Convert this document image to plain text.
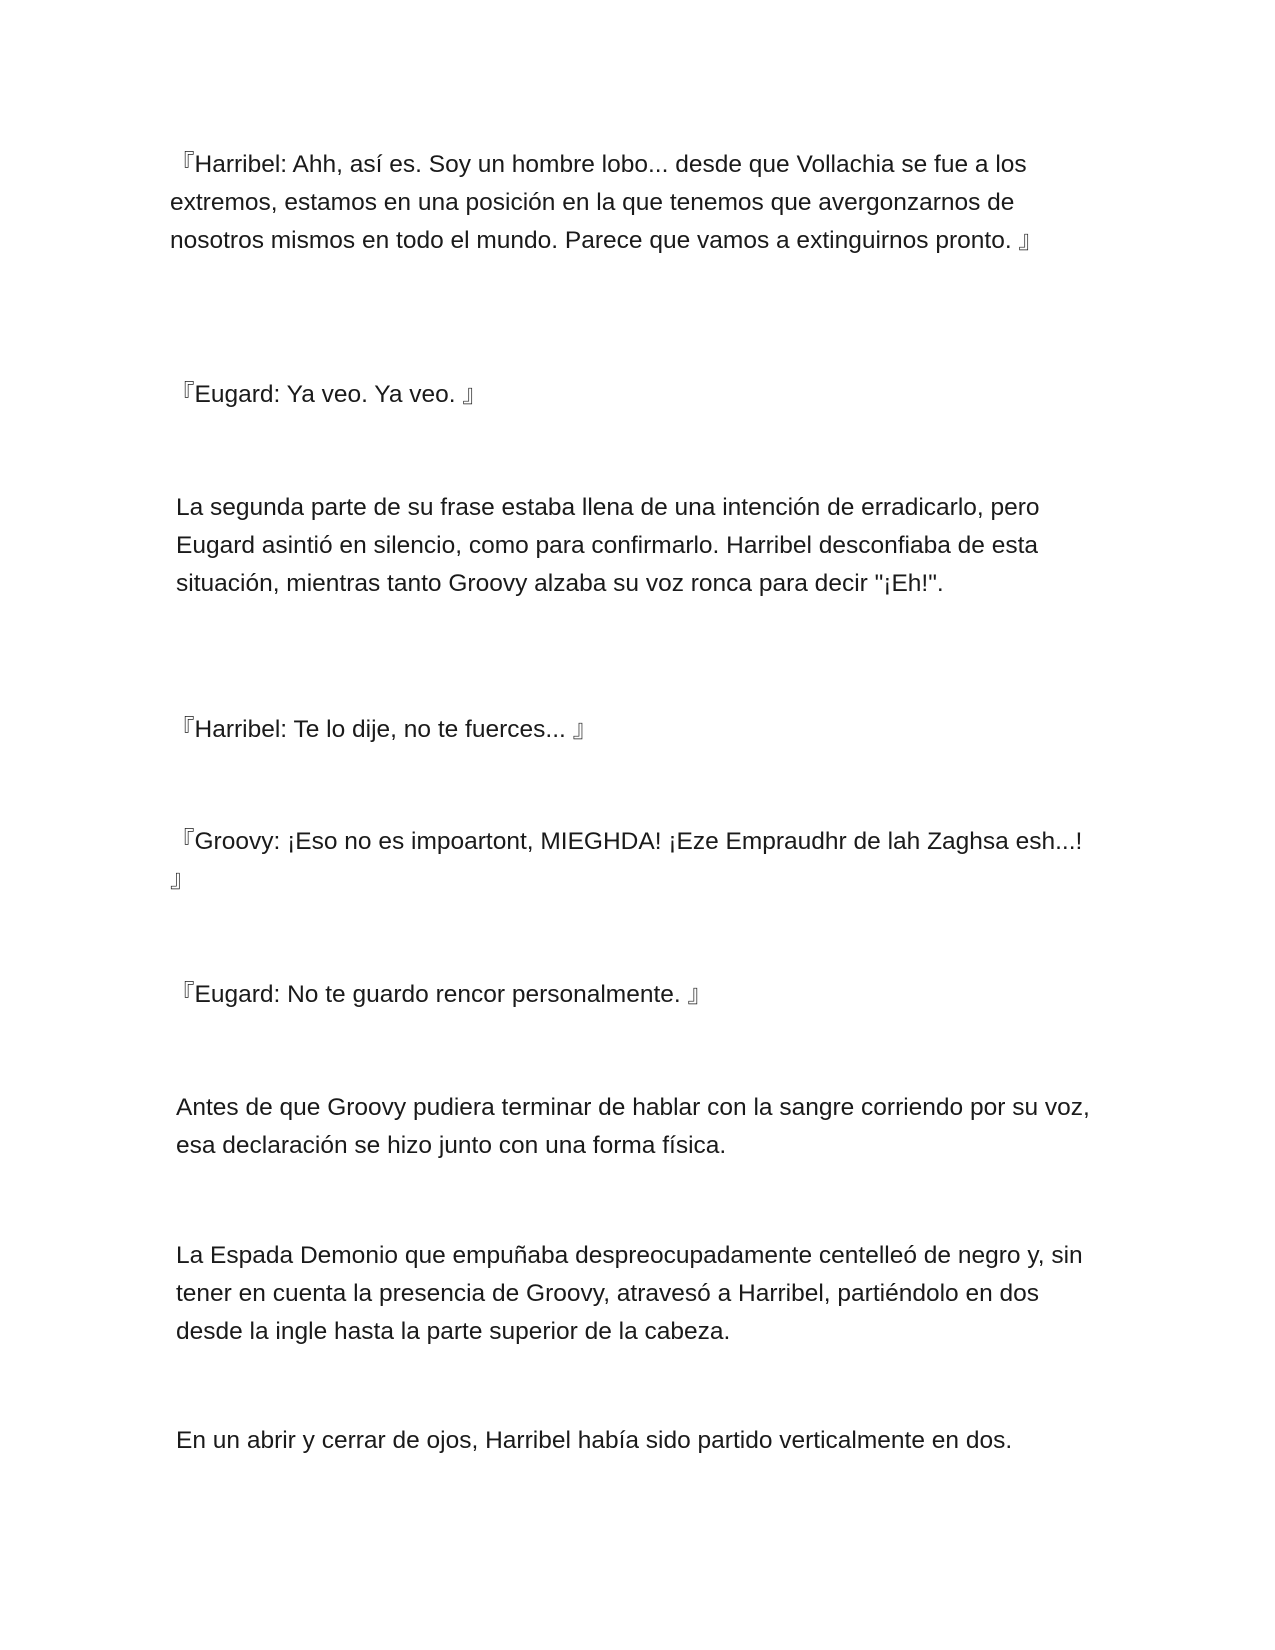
『Harribel: Ahh, así es. Soy un hombre lobo... desde que Vollachia se fue a los extremos, estamos en una posición en la que tenemos que avergonzarnos de nosotros mismos en todo el mundo. Parece que vamos a extinguirnos pronto. 』

『Eugard: Ya veo. Ya veo. 』

La segunda parte de su frase estaba llena de una intención de erradicarlo, pero Eugard asintió en silencio, como para confirmarlo. Harribel desconfiaba de esta situación, mientras tanto Groovy alzaba su voz ronca para decir "¡Eh!".

『Harribel: Te lo dije, no te fuerces... 』

『Groovy: ¡Eso no es impoartont, MIEGHDA! ¡Eze Empraudhr de lah Zaghsa esh...! 』

『Eugard: No te guardo rencor personalmente. 』

Antes de que Groovy pudiera terminar de hablar con la sangre corriendo por su voz, esa declaración se hizo junto con una forma física.

La Espada Demonio que empuñaba despreocupadamente centelleó de negro y, sin tener en cuenta la presencia de Groovy, atravesó a Harribel, partiéndolo en dos desde la ingle hasta la parte superior de la cabeza.

En un abrir y cerrar de ojos, Harribel había sido partido verticalmente en dos.
